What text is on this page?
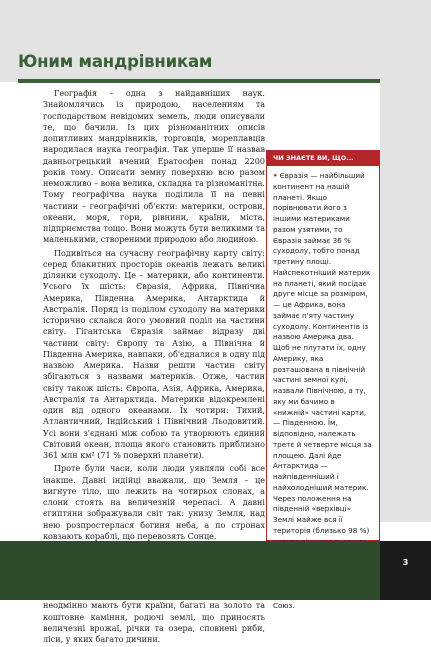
Юним мандрівникам

Географія – одна з найдавніших наук. Знайомлячись із природою, населенням та господарством невідомих земель, люди описували те, що бачили. Із цих різноманітних описів допитливих мандрівників, торговців, мореплавців народилася наука географія. Так уперше її назвав давньогрецький вчений Ератосфен понад 2200 років тому. Описати земну поверхню всю разом неможливо – вона велика, складна та різноманітна. Тому географічна наука поділила її на певні частини – географічні об'єкти: материки, острови, океани, моря, гори, рівнини, країни, міста, підприємства тощо. Вони можуть бути великими та маленькими, створеними природою або людиною.

Подивіться на сучасну географічну карту світу: серед блакитних просторів океанів лежать великі ділянки суходолу. Це – материки, або континенти. Усього їх шість: Євразія, Африка, Північна Америка, Південна Америка, Антарктида й Австралія. Поряд із поділом суходолу на материки історично склався його умовний поділ на частини світу. Гігантська Євразія займає відразу дві частини світу: Європу та Азію, а Північна й Південна Америка, навпаки, об'єдналися в одну під назвою Америка. Назви решти частин світу збігаються з назвами материків. Отже, частин світу також шість: Європа, Азія, Африка, Америка, Австралія та Антарктида. Материки відокремлені один від одного океанами. Їх чотири: Тихий, Атлантичний, Індійський і Північний Льодовитий. Усі вони з'єднані між собою та утворюють єдиний Світовий океан, площа якого становить приблизно 361 млн км² (71 % поверхні планети).

Проте були часи, коли люди уявляли собі все інакше. Давні індійці вважали, що Земля – це вигнуте тіло, що лежить на чотирьох слонах, а слони стоять на величезній черепасі. А давні єгиптяни зображували світ так: унизу Земля, над нею розпростерлася богиня неба, а по стронах ковзають кораблі, що перевозять Сонце.

неодмінно мають бути країни, багаті на золото та коштовне каміння, родючі землі, що приносять величезні врожаї, річки та озера, сповнені риби, ліси, у яких багато дичини.

ЧИ ЗНАЄТЕ ВИ, ЩО...

• Євразія — найбільший континент на нашій планеті. Якщо порівнювати його з іншими материками разом узятими, то Євразія займає 36 % суходолу, тобто понад третину площі. Найспекотніший материк на планеті, який посідає друге місце за розміром, — це Африка, вона займає п'яту частину суходолу. Континентів із назвою Америка два. Щоб не плутати їх, одну Америку, яка розташована в північній частині земної кулі, назвали Північною, а ту, яку ми бачимо в «нижній» частині карти, — Південною. Їм, відповідно, належать третє й четверте місця за площею. Далі йде Антарктида — найпівденніший і найхолодніший материк. Через положення на південній «верхівці» Землі майже вся її територія (близько 98 %) Союз.

3
